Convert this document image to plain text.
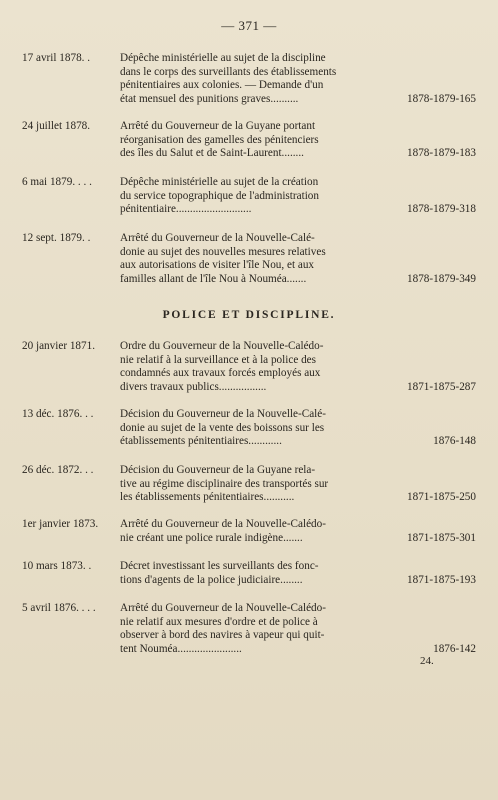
— 371 —
17 avril 1878. .	Dépêche ministérielle au sujet de la discipline
dans le corps des surveillants des établissements
pénitentiaires aux colonies. — Demande d'un
état mensuel des punitions graves..........	1878-1879-165
24 juillet 1878.	Arrêté du Gouverneur de la Guyane portant
réorganisation des gamelles des pénitenciers
des îles du Salut et de Saint-Laurent........	1878-1879-183
6 mai 1879. . . .	Dépêche ministérielle au sujet de la création
du service topographique de l'administration
pénitentiaire...........................	1878-1879-318
12 sept. 1879. .	Arrêté du Gouverneur de la Nouvelle-Calé-
donie au sujet des nouvelles mesures relatives
aux autorisations de visiter l'île Nou, et aux
familles allant de l'île Nou à Nouméa.......	1878-1879-349
POLICE ET DISCIPLINE.
20 janvier 1871.	Ordre du Gouverneur de la Nouvelle-Calédo-
nie relatif à la surveillance et à la police des
condamnés aux travaux forcés employés aux
divers travaux publics.................	1871-1875-287
13 déc. 1876. . .	Décision du Gouverneur de la Nouvelle-Calé-
donie au sujet de la vente des boissons sur les
établissements pénitentiaires............	1876-148
26 déc. 1872. . .	Décision du Gouverneur de la Guyane rela-
tive au régime disciplinaire des transportés sur
les établissements pénitentiaires...........	1871-1875-250
1er janvier 1873.	Arrêté du Gouverneur de la Nouvelle-Calédo-
nie créant une police rurale indigène.......	1871-1875-301
10 mars 1873. .	Décret investissant les surveillants des fonc-
tions d'agents de la police judiciaire........	1871-1875-193
5 avril 1876. . . .	Arrêté du Gouverneur de la Nouvelle-Calédo-
nie relatif aux mesures d'ordre et de police à
observer à bord des navires à vapeur qui quit-
tent Nouméa.......................	1876-142
24.
